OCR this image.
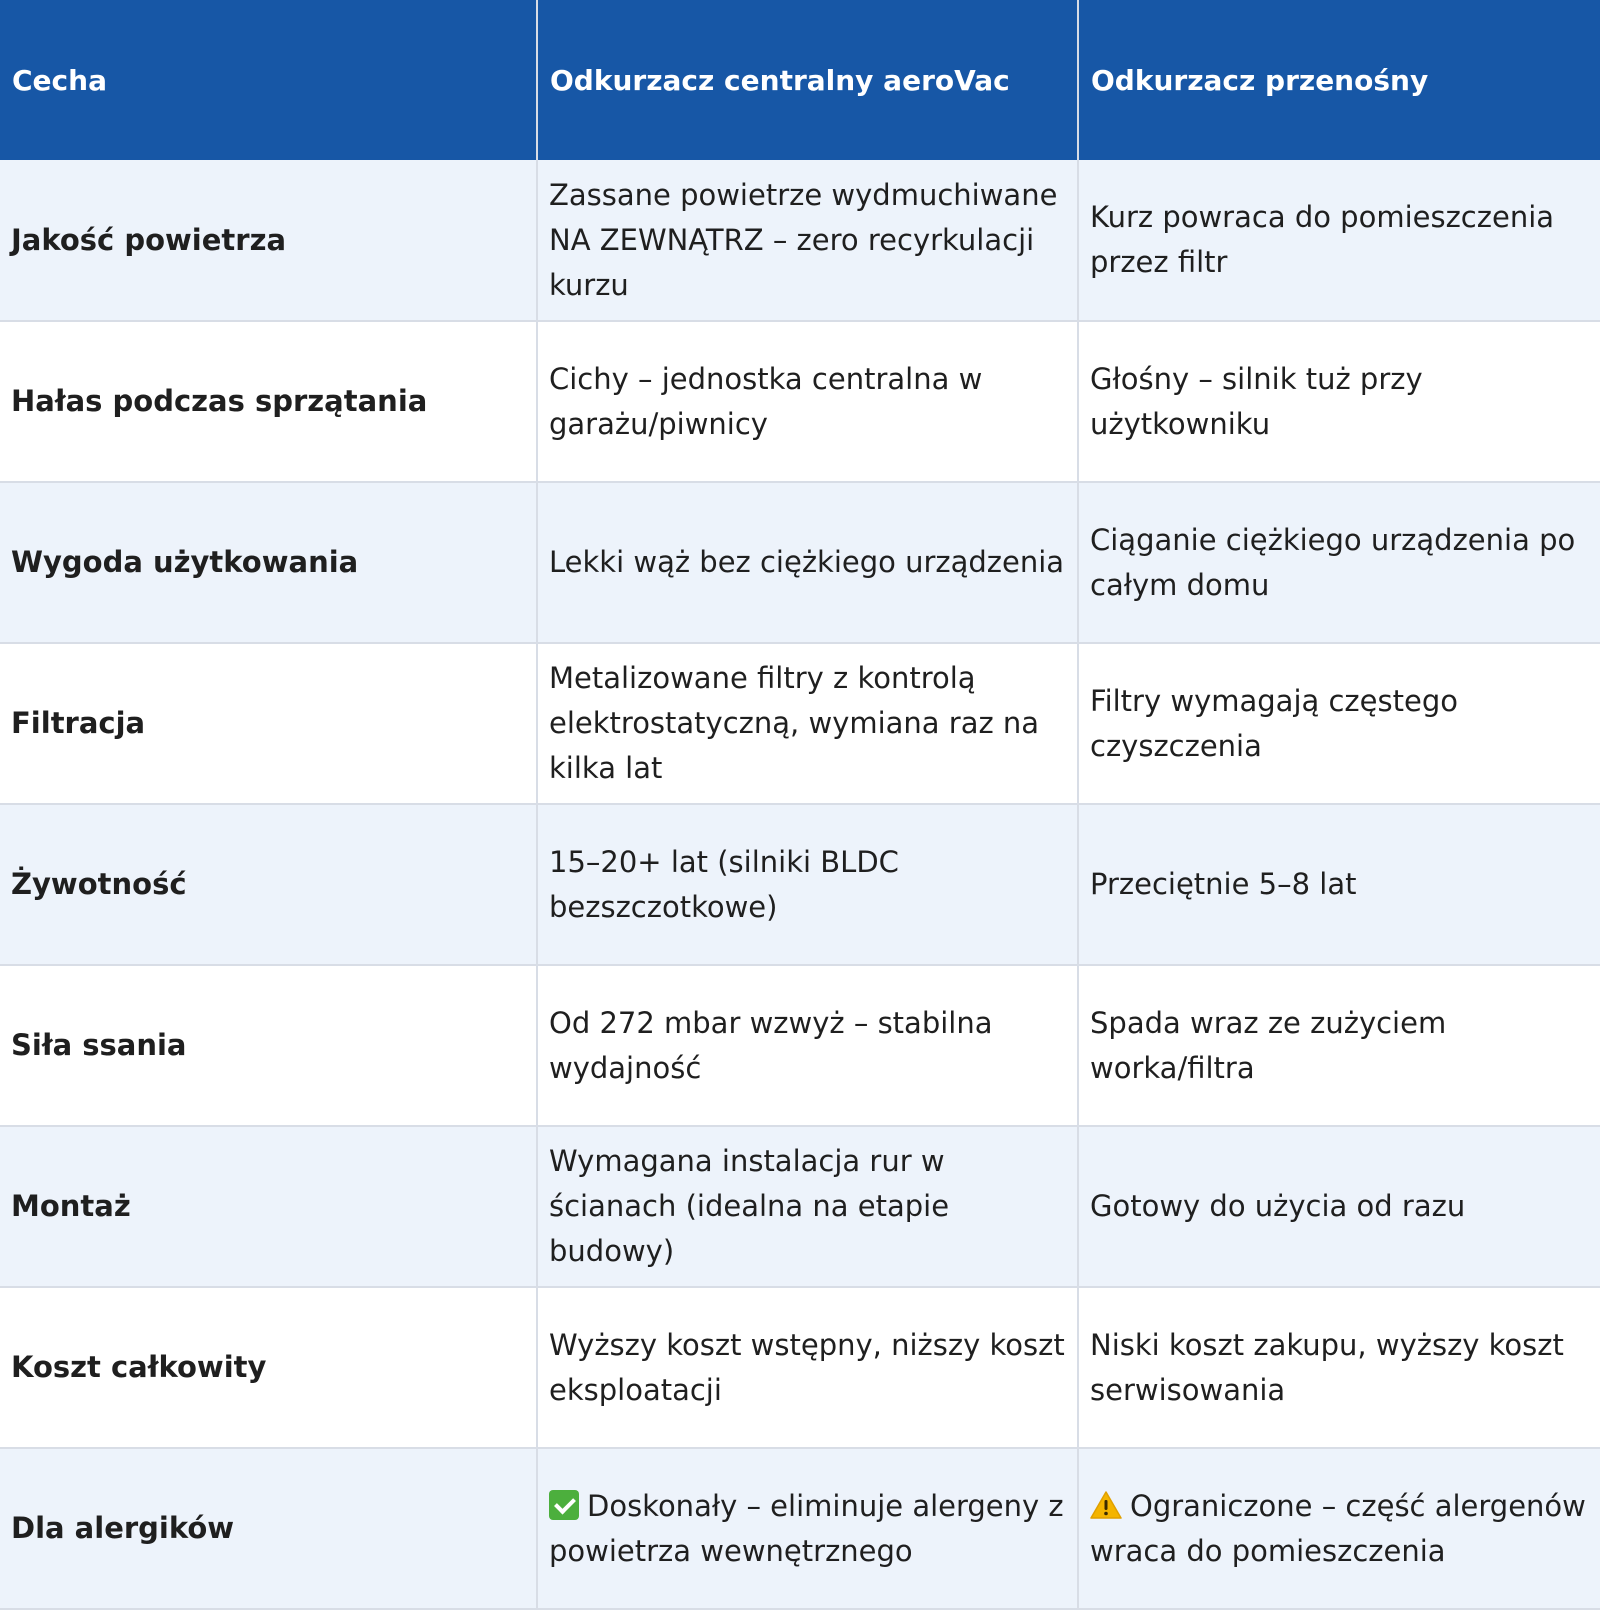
Cecha	Odkurzacz centralny aeroVac	Odkurzacz przenośny
Jakość powietrza	Zassane powietrze wydmuchiwane NA ZEWNĄTRZ – zero recyrkulacji kurzu	Kurz powraca do pomieszczenia przez filtr
Hałas podczas sprzątania	Cichy – jednostka centralna w garażu/piwnicy	Głośny – silnik tuż przy użytkowniku
Wygoda użytkowania	Lekki wąż bez ciężkiego urządzenia	Ciąganie ciężkiego urządzenia po całym domu
Filtracja	Metalizowane filtry z kontrolą elektrostatyczną, wymiana raz na kilka lat	Filtry wymagają częstego czyszczenia
Żywotność	15–20+ lat (silniki BLDC bezszczotkowe)	Przeciętnie 5–8 lat
Siła ssania	Od 272 mbar wzwyż – stabilna wydajność	Spada wraz ze zużyciem worka/filtra
Montaż	Wymagana instalacja rur w ścianach (idealna na etapie budowy)	Gotowy do użycia od razu
Koszt całkowity	Wyższy koszt wstępny, niższy koszt eksploatacji	Niski koszt zakupu, wyższy koszt serwisowania
Dla alergików	Doskonały – eliminuje alergeny z powietrza wewnętrznego	Ograniczone – część alergenów wraca do pomieszczenia
